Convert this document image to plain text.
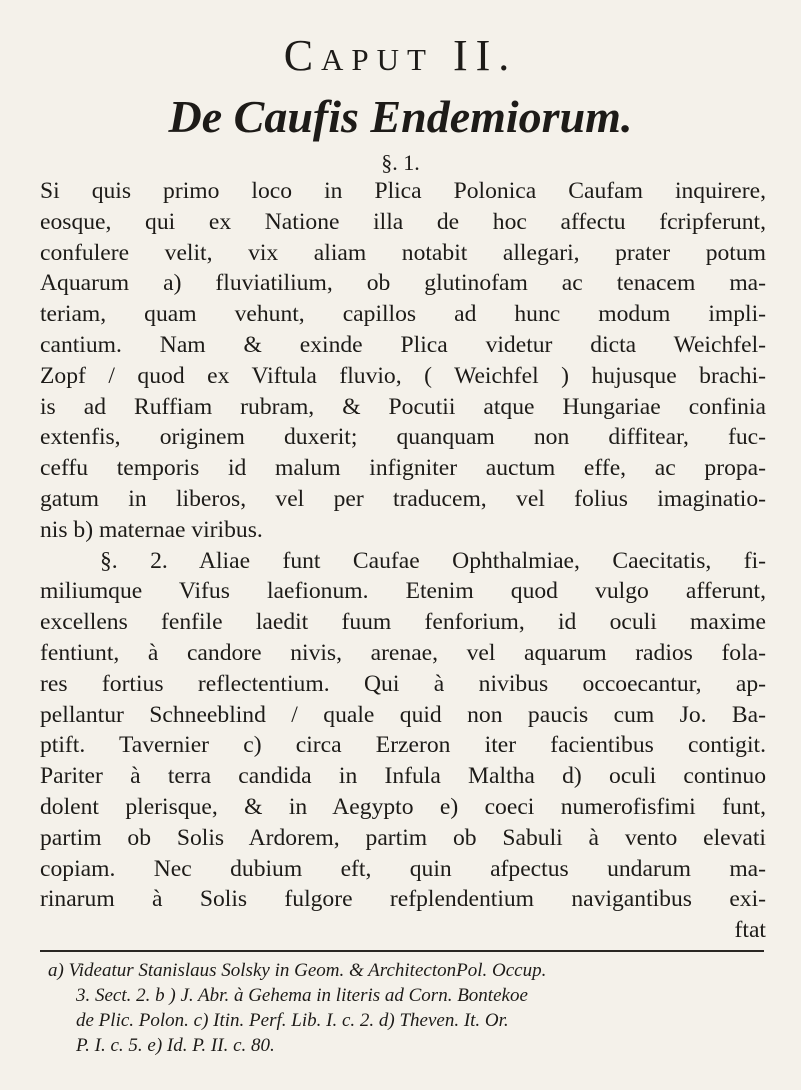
Caput II.
De Caufis Endemiorum.
§. 1.
Si quis primo loco in Plica Polonica Caufam inquirere,
eosque, qui ex Natione illa de hoc affectu fcripferunt,
confulere velit, vix aliam notabit allegari, prater potum
Aquarum a) fluviatilium, ob glutinofam ac tenacem ma-
teriam, quam vehunt, capillos ad hunc modum impli-
cantium. Nam & exinde Plica videtur dicta Weichfel-
Zopf / quod ex Viftula fluvio, ( Weichfel ) hujusque brachi-
is ad Ruffiam rubram, & Pocutii atque Hungariae confinia
extenfis, originem duxerit; quanquam non diffitear, fuc-
ceffu temporis id malum infigniter auctum effe, ac propa-
gatum in liberos, vel per traducem, vel folius imaginatio-
nis b) maternae viribus.
§. 2. Aliae funt Caufae Ophthalmiae, Caecitatis, fi-
miliumque Vifus laefionum. Etenim quod vulgo afferunt,
excellens fenfile laedit fuum fenforium, id oculi maxime
fentiunt, à candore nivis, arenae, vel aquarum radios fola-
res fortius reflectentium. Qui à nivibus occoecantur, ap-
pellantur Schneeblind / quale quid non paucis cum Jo. Ba-
ptift. Tavernier c) circa Erzeron iter facientibus contigit.
Pariter à terra candida in Infula Maltha d) oculi continuo
dolent plerisque, & in Aegypto e) coeci numerofisfimi funt,
partim ob Solis Ardorem, partim ob Sabuli à vento elevati
copiam. Nec dubium eft, quin afpectus undarum ma-
rinarum à Solis fulgore refplendentium navigantibus exi-
ftat
a) Videatur Stanislaus Solsky in Geom. & ArchitectonPol. Occup.
3. Sect. 2. b ) J. Abr. à Gehema in literis ad Corn. Bontekoe
de Plic. Polon. c) Itin. Perf. Lib. I. c. 2. d) Theven. It. Or.
P. I. c. 5. e) Id. P. II. c. 80.
